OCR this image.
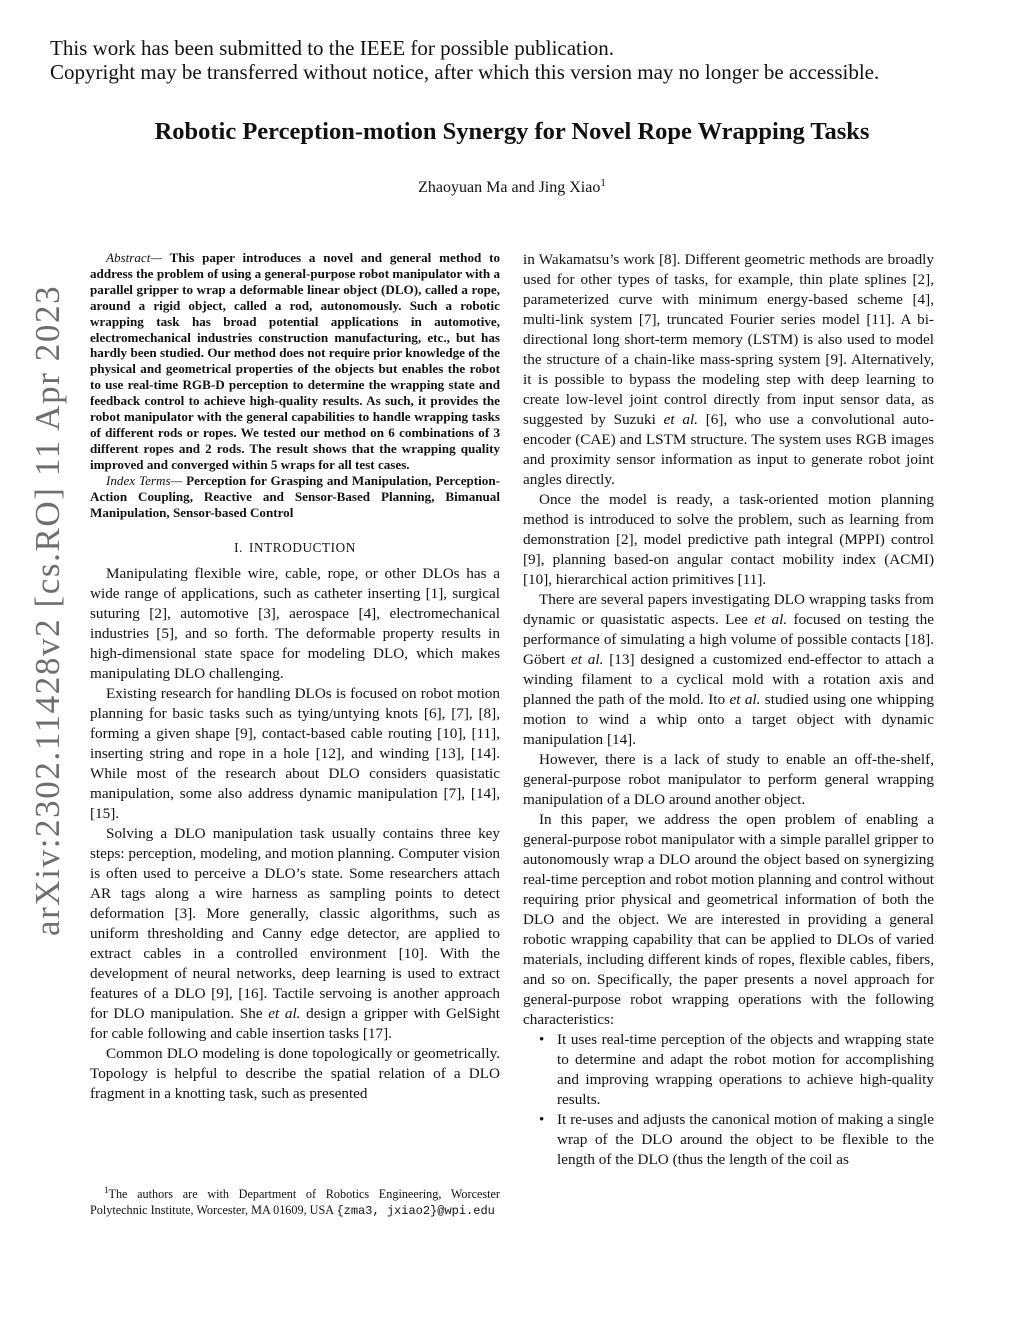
This work has been submitted to the IEEE for possible publication.
Copyright may be transferred without notice, after which this version may no longer be accessible.
Robotic Perception-motion Synergy for Novel Rope Wrapping Tasks
Zhaoyuan Ma and Jing Xiao$^1$
arXiv:2302.11428v2 [cs.RO] 11 Apr 2023

Abstract— This paper introduces a novel and general method to address the problem of using a general-purpose robot manipulator with a parallel gripper to wrap a deformable linear object (DLO), called a rope, around a rigid object, called a rod, autonomously. Such a robotic wrapping task has broad potential applications in automotive, electromechanical industries construction manufacturing, etc., but has hardly been studied. Our method does not require prior knowledge of the physical and geometrical properties of the objects but enables the robot to use real-time RGB-D perception to determine the wrapping state and feedback control to achieve high-quality results. As such, it provides the robot manipulator with the general capabilities to handle wrapping tasks of different rods or ropes. We tested our method on 6 combinations of 3 different ropes and 2 rods. The result shows that the wrapping quality improved and converged within 5 wraps for all test cases.

Index Terms— Perception for Grasping and Manipulation, Perception-Action Coupling, Reactive and Sensor-Based Planning, Bimanual Manipulation, Sensor-based Control

I. INTRODUCTION

Manipulating flexible wire, cable, rope, or other DLOs has a wide range of applications, such as catheter inserting [1], surgical suturing [2], automotive [3], aerospace [4], electromechanical industries [5], and so forth. The deformable property results in high-dimensional state space for modeling DLO, which makes manipulating DLO challenging.

Existing research for handling DLOs is focused on robot motion planning for basic tasks such as tying/untying knots [6], [7], [8], forming a given shape [9], contact-based cable routing [10], [11], inserting string and rope in a hole [12], and winding [13], [14]. While most of the research about DLO considers quasistatic manipulation, some also address dynamic manipulation [7], [14], [15].

Solving a DLO manipulation task usually contains three key steps: perception, modeling, and motion planning. Computer vision is often used to perceive a DLO’s state. Some researchers attach AR tags along a wire harness as sampling points to detect deformation [3]. More generally, classic algorithms, such as uniform thresholding and Canny edge detector, are applied to extract cables in a controlled environment [10]. With the development of neural networks, deep learning is used to extract features of a DLO [9], [16]. Tactile servoing is another approach for DLO manipulation. She et al. design a gripper with GelSight for cable following and cable insertion tasks [17].

Common DLO modeling is done topologically or geometrically. Topology is helpful to describe the spatial relation of a DLO fragment in a knotting task, such as presented

$^1$The authors are with Department of Robotics Engineering, Worcester Polytechnic Institute, Worcester, MA 01609, USA {zma3, jxiao2}@wpi.edu

in Wakamatsu’s work [8]. Different geometric methods are broadly used for other types of tasks, for example, thin plate splines [2], parameterized curve with minimum energy-based scheme [4], multi-link system [7], truncated Fourier series model [11]. A bi-directional long short-term memory (LSTM) is also used to model the structure of a chain-like mass-spring system [9]. Alternatively, it is possible to bypass the modeling step with deep learning to create low-level joint control directly from input sensor data, as suggested by Suzuki et al. [6], who use a convolutional auto-encoder (CAE) and LSTM structure. The system uses RGB images and proximity sensor information as input to generate robot joint angles directly.

Once the model is ready, a task-oriented motion planning method is introduced to solve the problem, such as learning from demonstration [2], model predictive path integral (MPPI) control [9], planning based-on angular contact mobility index (ACMI) [10], hierarchical action primitives [11].

There are several papers investigating DLO wrapping tasks from dynamic or quasistatic aspects. Lee et al. focused on testing the performance of simulating a high volume of possible contacts [18]. Göbert et al. [13] designed a customized end-effector to attach a winding filament to a cyclical mold with a rotation axis and planned the path of the mold. Ito et al. studied using one whipping motion to wind a whip onto a target object with dynamic manipulation [14].

However, there is a lack of study to enable an off-the-shelf, general-purpose robot manipulator to perform general wrapping manipulation of a DLO around another object.

In this paper, we address the open problem of enabling a general-purpose robot manipulator with a simple parallel gripper to autonomously wrap a DLO around the object based on synergizing real-time perception and robot motion planning and control without requiring prior physical and geometrical information of both the DLO and the object. We are interested in providing a general robotic wrapping capability that can be applied to DLOs of varied materials, including different kinds of ropes, flexible cables, fibers, and so on. Specifically, the paper presents a novel approach for general-purpose robot wrapping operations with the following characteristics:

• It uses real-time perception of the objects and wrapping state to determine and adapt the robot motion for accomplishing and improving wrapping operations to achieve high-quality results.
• It re-uses and adjusts the canonical motion of making a single wrap of the DLO around the object to be flexible to the length of the DLO (thus the length of the coil as
